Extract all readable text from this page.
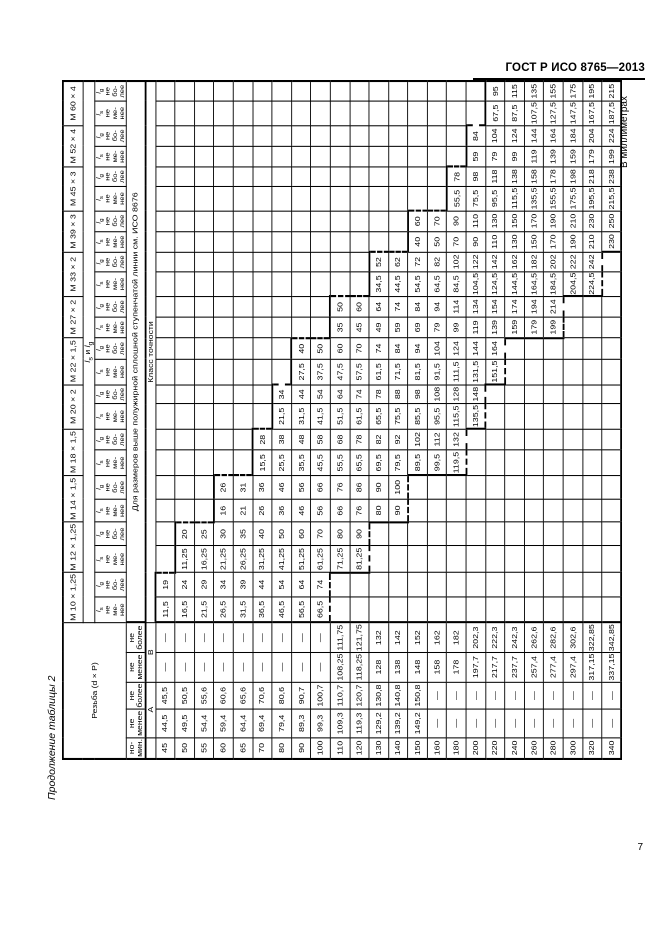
ГОСТ Р ИСО 8765—2013
7
Продолжение таблицы 2
В миллиметрах
Резьба (d × P)					M 10 × 1,25		M 12 × 1,25		M 14 × 1,5		M 18 × 1,5		M 20 × 2		M 22 × 1,5		M 27 × 2		M 33 × 2		M 39 × 3		M 45 × 3		M 52 × 4		M 60 × 4	
					$l_s$ и $l_g$
					$l_s$
не
ме-
нее	$l_g$
не
бо-
лее	$l_s$
не
ме-
нее	$l_g$
не
бо-
лее	$l_s$
не
ме-
нее	$l_g$
не
бо-
лее	$l_s$
не
ме-
нее	$l_g$
не
бо-
лее	$l_s$
не
ме-
нее	$l_g$
не
бо-
лее	$l_s$
не
ме-
нее	$l_g$
не
бо-
лее	$l_s$
не
ме-
нее	$l_g$
не
бо-
лее	$l_s$
не
ме-
нее	$l_g$
не
бо-
лее	$l_s$
не
ме-
нее	$l_g$
не
бо-
лее	$l_s$
не
ме-
нее	$l_g$
не
бо-
лее	$l_s$
не
ме-
нее	$l_g$
не
бо-
лее	$l_s$
не
ме-
нее	$l_g$
не
бо-
лее
но-
мин.	не
менее	не
более	не
менее	не
более	Для размеров выше полужирной сплошной ступенчатой линии см. ИСО 8676																							
	А		В		Класс точности																							
45	44,5	45,5	—	—	11,5	19																						
50	49,5	50,5	—	—	16,5	24	11,25	20																				
55	54,4	55,6	—	—	21,5	29	16,25	25																				
60	59,4	60,6	—	—	26,5	34	21,25	30	16	26																		
65	64,4	65,6	—	—	31,5	39	26,25	35	21	31																		
70	69,4	70,6	—	—	36,5	44	31,25	40	26	36	15,5	28																
80	79,4	80,6	—	—	46,5	54	41,25	50	36	46	25,5	38	21,5	34														
90	89,3	90,7	—	—	56,5	64	51,25	60	46	56	35,5	48	31,5	44	27,5	40												
100	99,3	100,7	—	—	66,5	74	61,25	70	56	66	45,5	58	41,5	54	37,5	50												
110	109,3	110,7	108,25	111,75			71,25	80	66	76	55,5	68	51,5	64	47,5	60	35	50										
120	119,3	120,7	118,25	121,75			81,25	90	76	86	65,5	78	61,5	74	57,5	70	45	60										
130	129,2	130,8	128	132					80	90	69,5	82	65,5	78	61,5	74	49	64	34,5	52								
140	139,2	140,8	138	142					90	100	79,5	92	75,5	88	71,5	84	59	74	44,5	62								
150	149,2	150,8	148	152							89,5	102	85,5	98	81,5	94	69	84	54,5	72	40	60						
160	—	—	158	162							99,5	112	95,5	108	91,5	104	79	94	64,5	82	50	70						
180	—	—	178	182							119,5	132	115,5	128	111,5	124	99	114	84,5	102	70	90	55,5	78				
200	—	—	197,7	202,3									135,5	148	131,5	144	119	134	104,5	122	90	110	75,5	98	59	84		
220	—	—	217,7	222,3											151,5	164	139	154	124,5	142	110	130	95,5	118	79	104	67,5	95
240	—	—	237,7	242,3													159	174	144,5	162	130	150	115,5	138	99	124	87,5	115
260	—	—	257,4	262,6													179	194	164,5	182	150	170	135,5	158	119	144	107,5	135
280	—	—	277,4	282,6													199	214	184,5	202	170	190	155,5	178	139	164	127,5	155
300	—	—	297,4	302,6															204,5	222	190	210	175,5	198	159	184	147,5	175
320	—	—	317,15	322,85															224,5	242	210	230	195,5	218	179	204	167,5	195
340	—	—	337,15	342,85																	230	250	215,5	238	199	224	187,5	215
